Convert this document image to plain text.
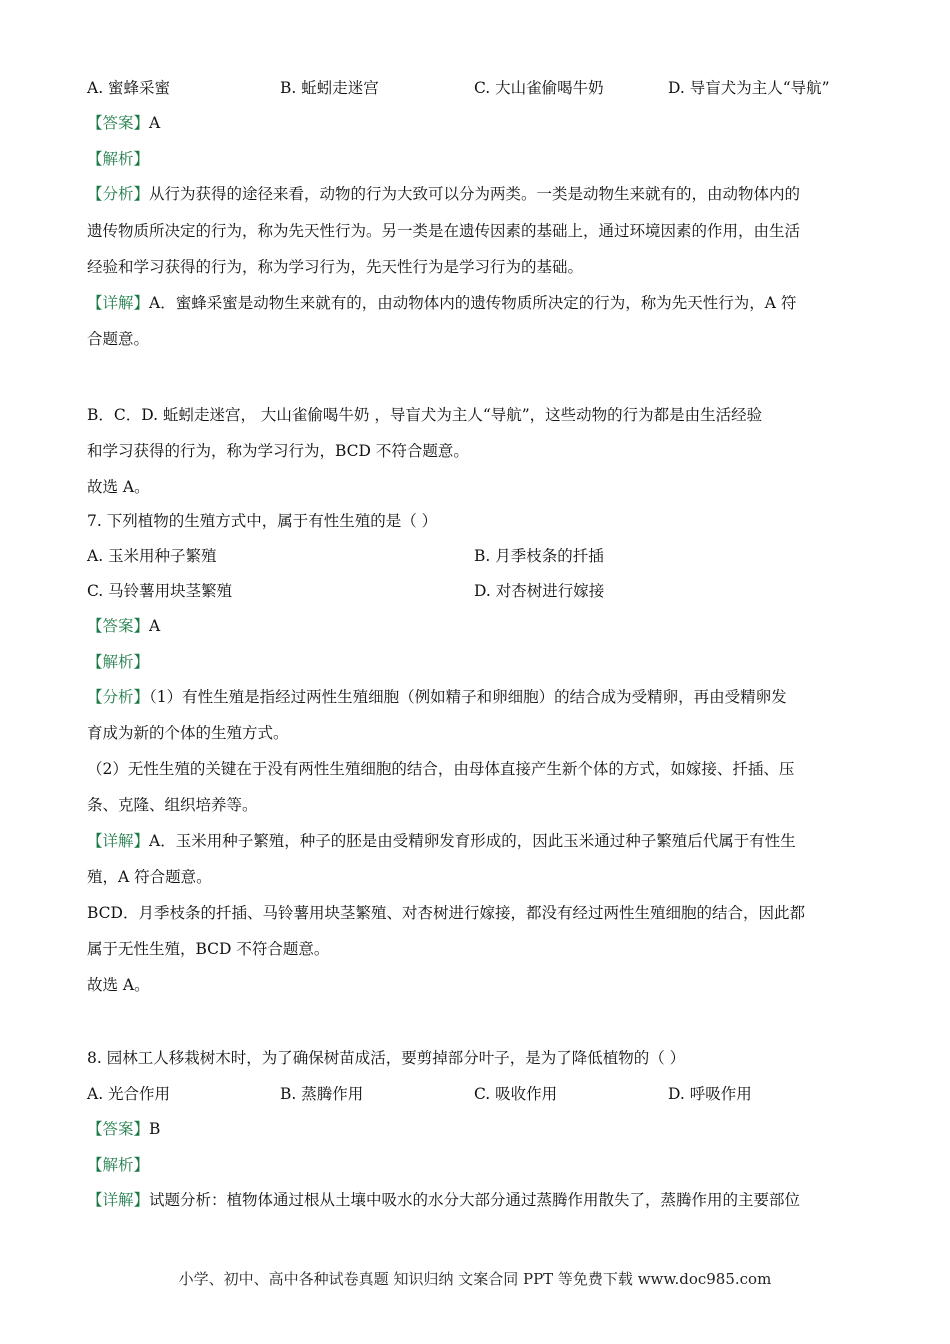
A. 蜜蜂采蜜	B. 蚯蚓走迷宫	C. 大山雀偷喝牛奶	D. 导盲犬为主人“导航”
【答案】A
【解析】
【分析】从行为获得的途径来看，动物的行为大致可以分为两类。一类是动物生来就有的，由动物体内的
遗传物质所决定的行为，称为先天性行为。另一类是在遗传因素的基础上，通过环境因素的作用，由生活
经验和学习获得的行为，称为学习行为，先天性行为是学习行为的基础。
【详解】A．蜜蜂采蜜是动物生来就有的，由动物体内的遗传物质所决定的行为，称为先天性行为，A 符
合题意。
B．C．D. 蚯蚓走迷宫， 大山雀偷喝牛奶 ，导盲犬为主人“导航”，这些动物的行为都是由生活经验
和学习获得的行为，称为学习行为，BCD 不符合题意。
故选 A。
7. 下列植物的生殖方式中，属于有性生殖的是（ ）
A. 玉米用种子繁殖	B. 月季枝条的扦插
C. 马铃薯用块茎繁殖	D. 对杏树进行嫁接
【答案】A
【解析】
【分析】（1）有性生殖是指经过两性生殖细胞（例如精子和卵细胞）的结合成为受精卵，再由受精卵发
育成为新的个体的生殖方式。
（2）无性生殖的关键在于没有两性生殖细胞的结合，由母体直接产生新个体的方式，如嫁接、扦插、压
条、克隆、组织培养等。
【详解】A．玉米用种子繁殖，种子的胚是由受精卵发育形成的，因此玉米通过种子繁殖后代属于有性生
殖，A 符合题意。
BCD．月季枝条的扦插、马铃薯用块茎繁殖、对杏树进行嫁接，都没有经过两性生殖细胞的结合，因此都
属于无性生殖，BCD 不符合题意。
故选 A。
8. 园林工人移栽树木时，为了确保树苗成活，要剪掉部分叶子，是为了降低植物的（ ）
A. 光合作用	B. 蒸腾作用	C. 吸收作用	D. 呼吸作用
【答案】B
【解析】
【详解】试题分析：植物体通过根从土壤中吸水的水分大部分通过蒸腾作用散失了，蒸腾作用的主要部位
小学、初中、高中各种试卷真题 知识归纳 文案合同 PPT 等免费下载 www.doc985.com
